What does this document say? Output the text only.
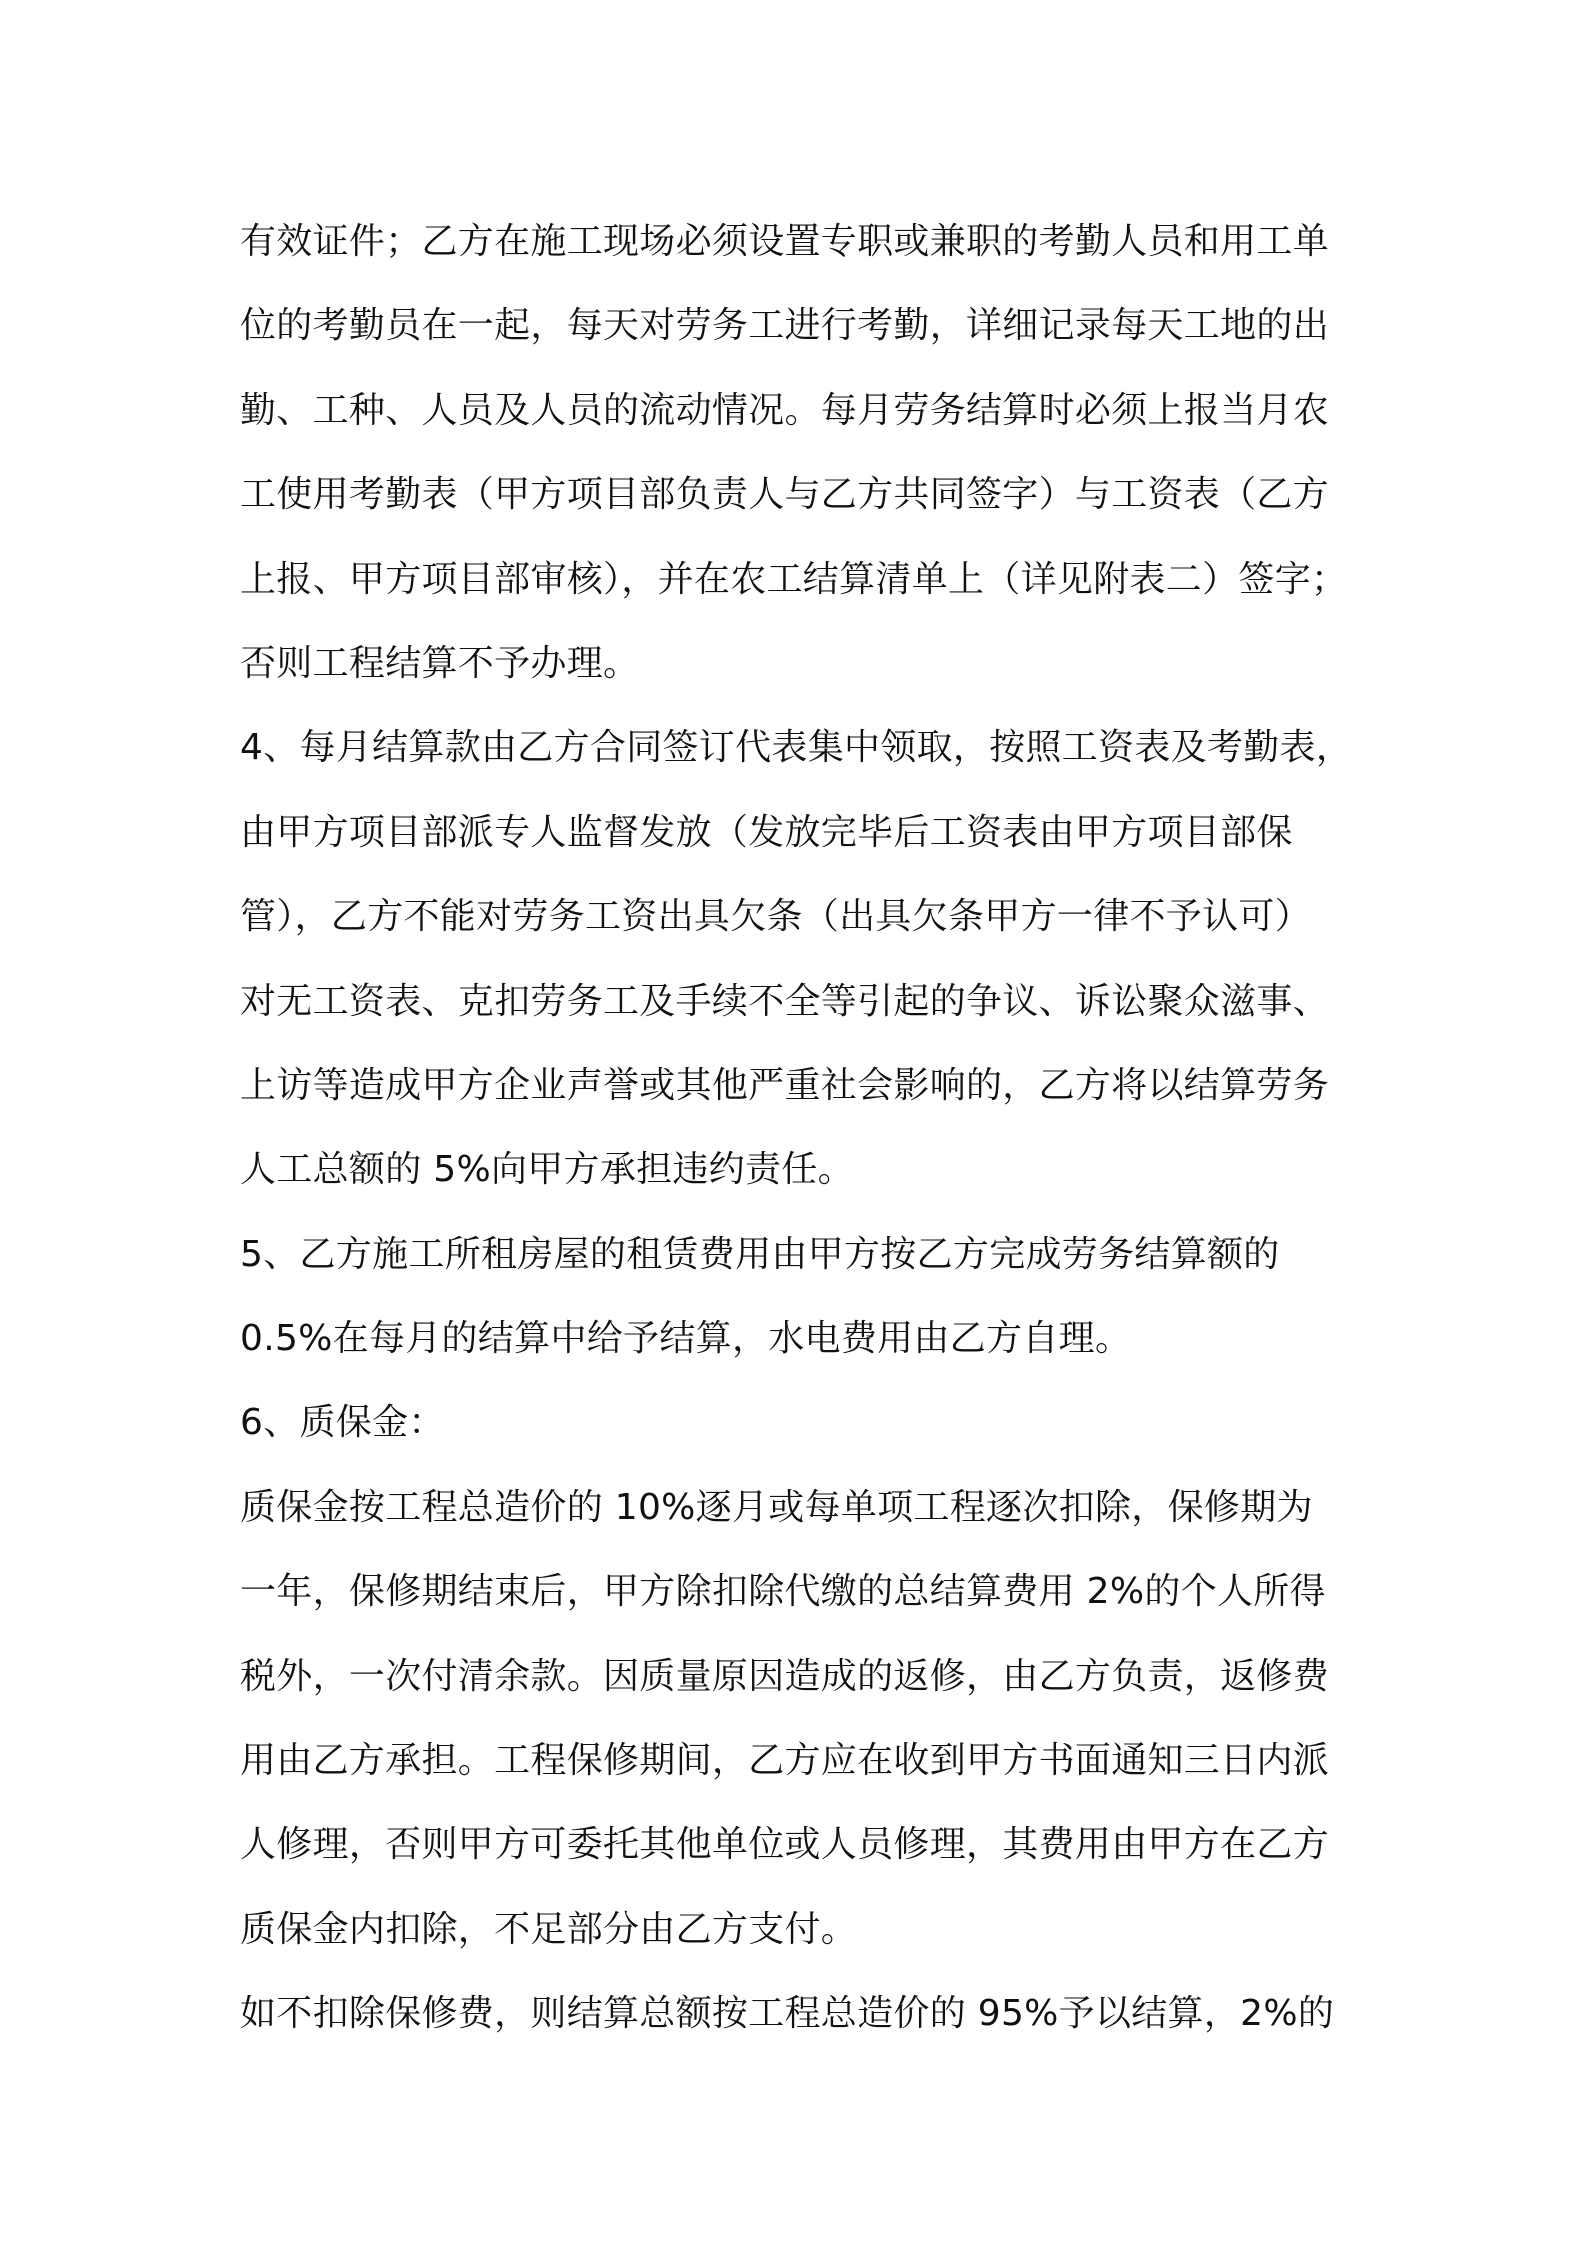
有效证件；乙方在施工现场必须设置专职或兼职的考勤人员和用工单
位的考勤员在一起，每天对劳务工进行考勤，详细记录每天工地的出
勤、工种、人员及人员的流动情况。每月劳务结算时必须上报当月农
工使用考勤表（甲方项目部负责人与乙方共同签字）与工资表（乙方
上报、甲方项目部审核），并在农工结算清单上（详见附表二）签字；
否则工程结算不予办理。
4、每月结算款由乙方合同签订代表集中领取，按照工资表及考勤表，
由甲方项目部派专人监督发放（发放完毕后工资表由甲方项目部保
管），乙方不能对劳务工资出具欠条（出具欠条甲方一律不予认可）
对无工资表、克扣劳务工及手续不全等引起的争议、诉讼聚众滋事、
上访等造成甲方企业声誉或其他严重社会影响的，乙方将以结算劳务
人工总额的 5%向甲方承担违约责任。
5、乙方施工所租房屋的租赁费用由甲方按乙方完成劳务结算额的
0.5%在每月的结算中给予结算，水电费用由乙方自理。
6、质保金：
质保金按工程总造价的 10%逐月或每单项工程逐次扣除，保修期为
一年，保修期结束后，甲方除扣除代缴的总结算费用 2%的个人所得
税外，一次付清余款。因质量原因造成的返修，由乙方负责，返修费
用由乙方承担。工程保修期间，乙方应在收到甲方书面通知三日内派
人修理，否则甲方可委托其他单位或人员修理，其费用由甲方在乙方
质保金内扣除，不足部分由乙方支付。
如不扣除保修费，则结算总额按工程总造价的 95%予以结算，2%的
